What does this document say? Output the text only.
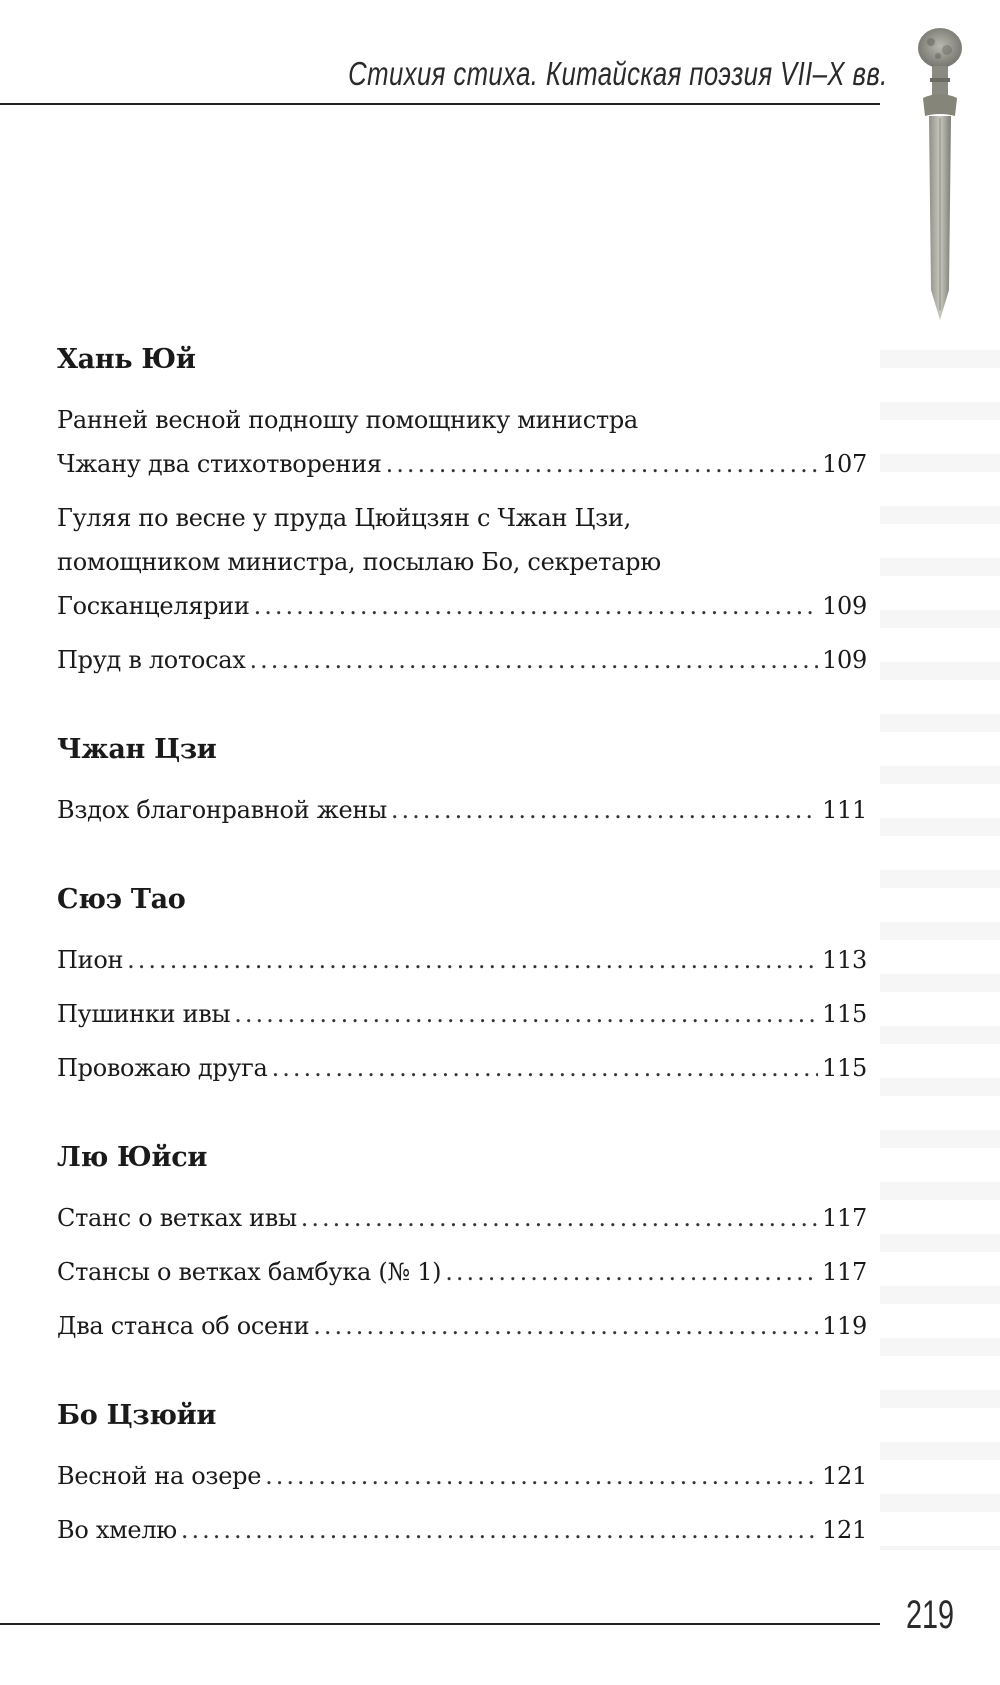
Стихия стиха. Китайская поэзия VII–X вв.
Хань Юй
Ранней весной подношу помощнику министра
Чжану два стихотворения .....	107
Гуляя по весне у пруда Цюйцзян с Чжан Цзи,
помощником министра, посылаю Бо, секретарю
Госканцелярии .....	109
Пруд в лотосах .....	109
Чжан Цзи
Вздох благонравной жены .....	111
Сюэ Тао
Пион .....	113
Пушинки ивы .....	115
Провожаю друга .....	115
Лю Юйси
Станс о ветках ивы .....	117
Стансы о ветках бамбука (№ 1) .....	117
Два станса об осени .....	119
Бо Цзюйи
Весной на озере .....	121
Во хмелю .....	121
219
